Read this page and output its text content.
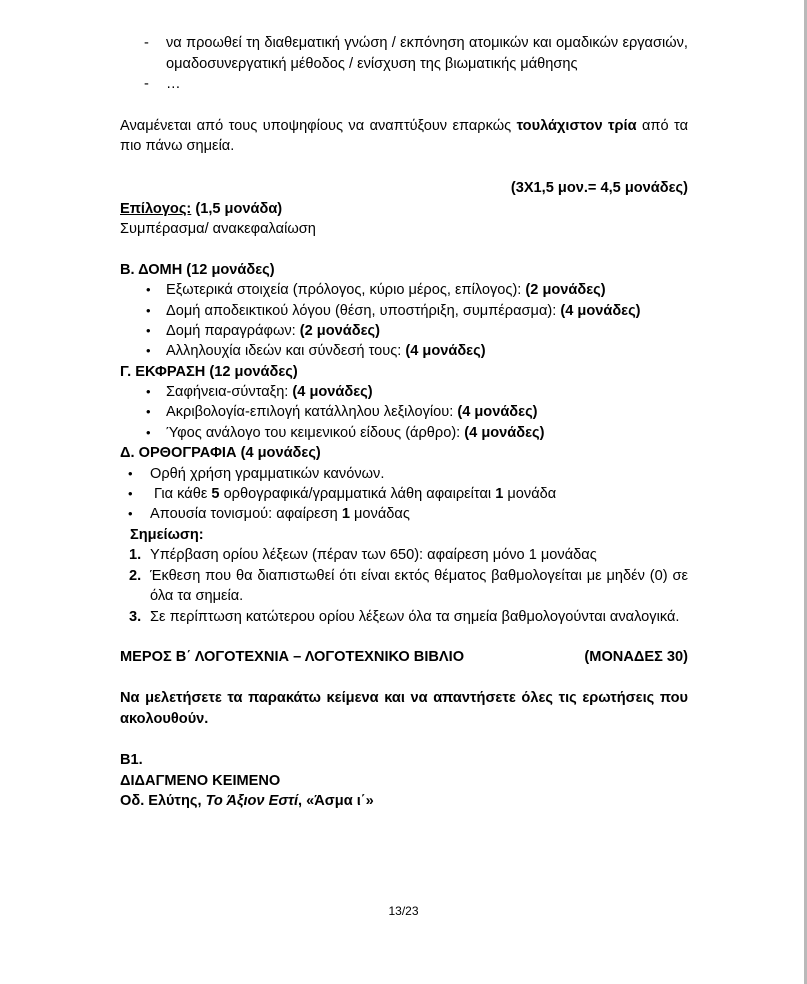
- να προωθεί τη διαθεματική γνώση / εκπόνηση ατομικών και ομαδικών εργασιών, ομαδοσυνεργατική μέθοδος / ενίσχυση της βιωματικής μάθησης
- …

Αναμένεται από τους υποψηφίους να αναπτύξουν επαρκώς τουλάχιστον τρία από τα πιο πάνω σημεία.

(3Χ1,5 μον.= 4,5 μονάδες)
Επίλογος: (1,5 μονάδα)
Συμπέρασμα/ ανακεφαλαίωση
Β. ΔΟΜΗ (12 μονάδες)
• Εξωτερικά στοιχεία (πρόλογος, κύριο μέρος, επίλογος): (2 μονάδες)
• Δομή αποδεικτικού λόγου (θέση, υποστήριξη, συμπέρασμα): (4 μονάδες)
• Δομή παραγράφων: (2 μονάδες)
• Αλληλουχία ιδεών και σύνδεσή τους: (4 μονάδες)
Γ. ΕΚΦΡΑΣΗ (12 μονάδες)
• Σαφήνεια-σύνταξη: (4 μονάδες)
• Ακριβολογία-επιλογή κατάλληλου λεξιλογίου: (4 μονάδες)
• Ύφος ανάλογο του κειμενικού είδους (άρθρο): (4 μονάδες)
Δ. ΟΡΘΟΓΡΑΦΙΑ (4 μονάδες)
• Ορθή χρήση γραμματικών κανόνων.
• Για κάθε 5 ορθογραφικά/γραμματικά λάθη αφαιρείται 1 μονάδα
• Απουσία τονισμού: αφαίρεση 1 μονάδας
Σημείωση:
1. Υπέρβαση ορίου λέξεων (πέραν των 650): αφαίρεση μόνο 1 μονάδας
2. Έκθεση που θα διαπιστωθεί ότι είναι εκτός θέματος βαθμολογείται με μηδέν (0) σε όλα τα σημεία.
3. Σε περίπτωση κατώτερου ορίου λέξεων όλα τα σημεία βαθμολογούνται αναλογικά.
ΜΕΡΟΣ Β΄ ΛΟΓΟΤΕΧΝΙΑ – ΛΟΓΟΤΕΧΝΙΚΟ ΒΙΒΛΙΟ	(ΜΟΝΑΔΕΣ 30)

Να μελετήσετε τα παρακάτω κείμενα και να απαντήσετε όλες τις ερωτήσεις που ακολουθούν.

Β1.
ΔΙΔΑΓΜΕΝΟ ΚΕΙΜΕΝΟ
Οδ. Ελύτης, Το Άξιον Εστί, «Άσμα ι΄»
13/23
